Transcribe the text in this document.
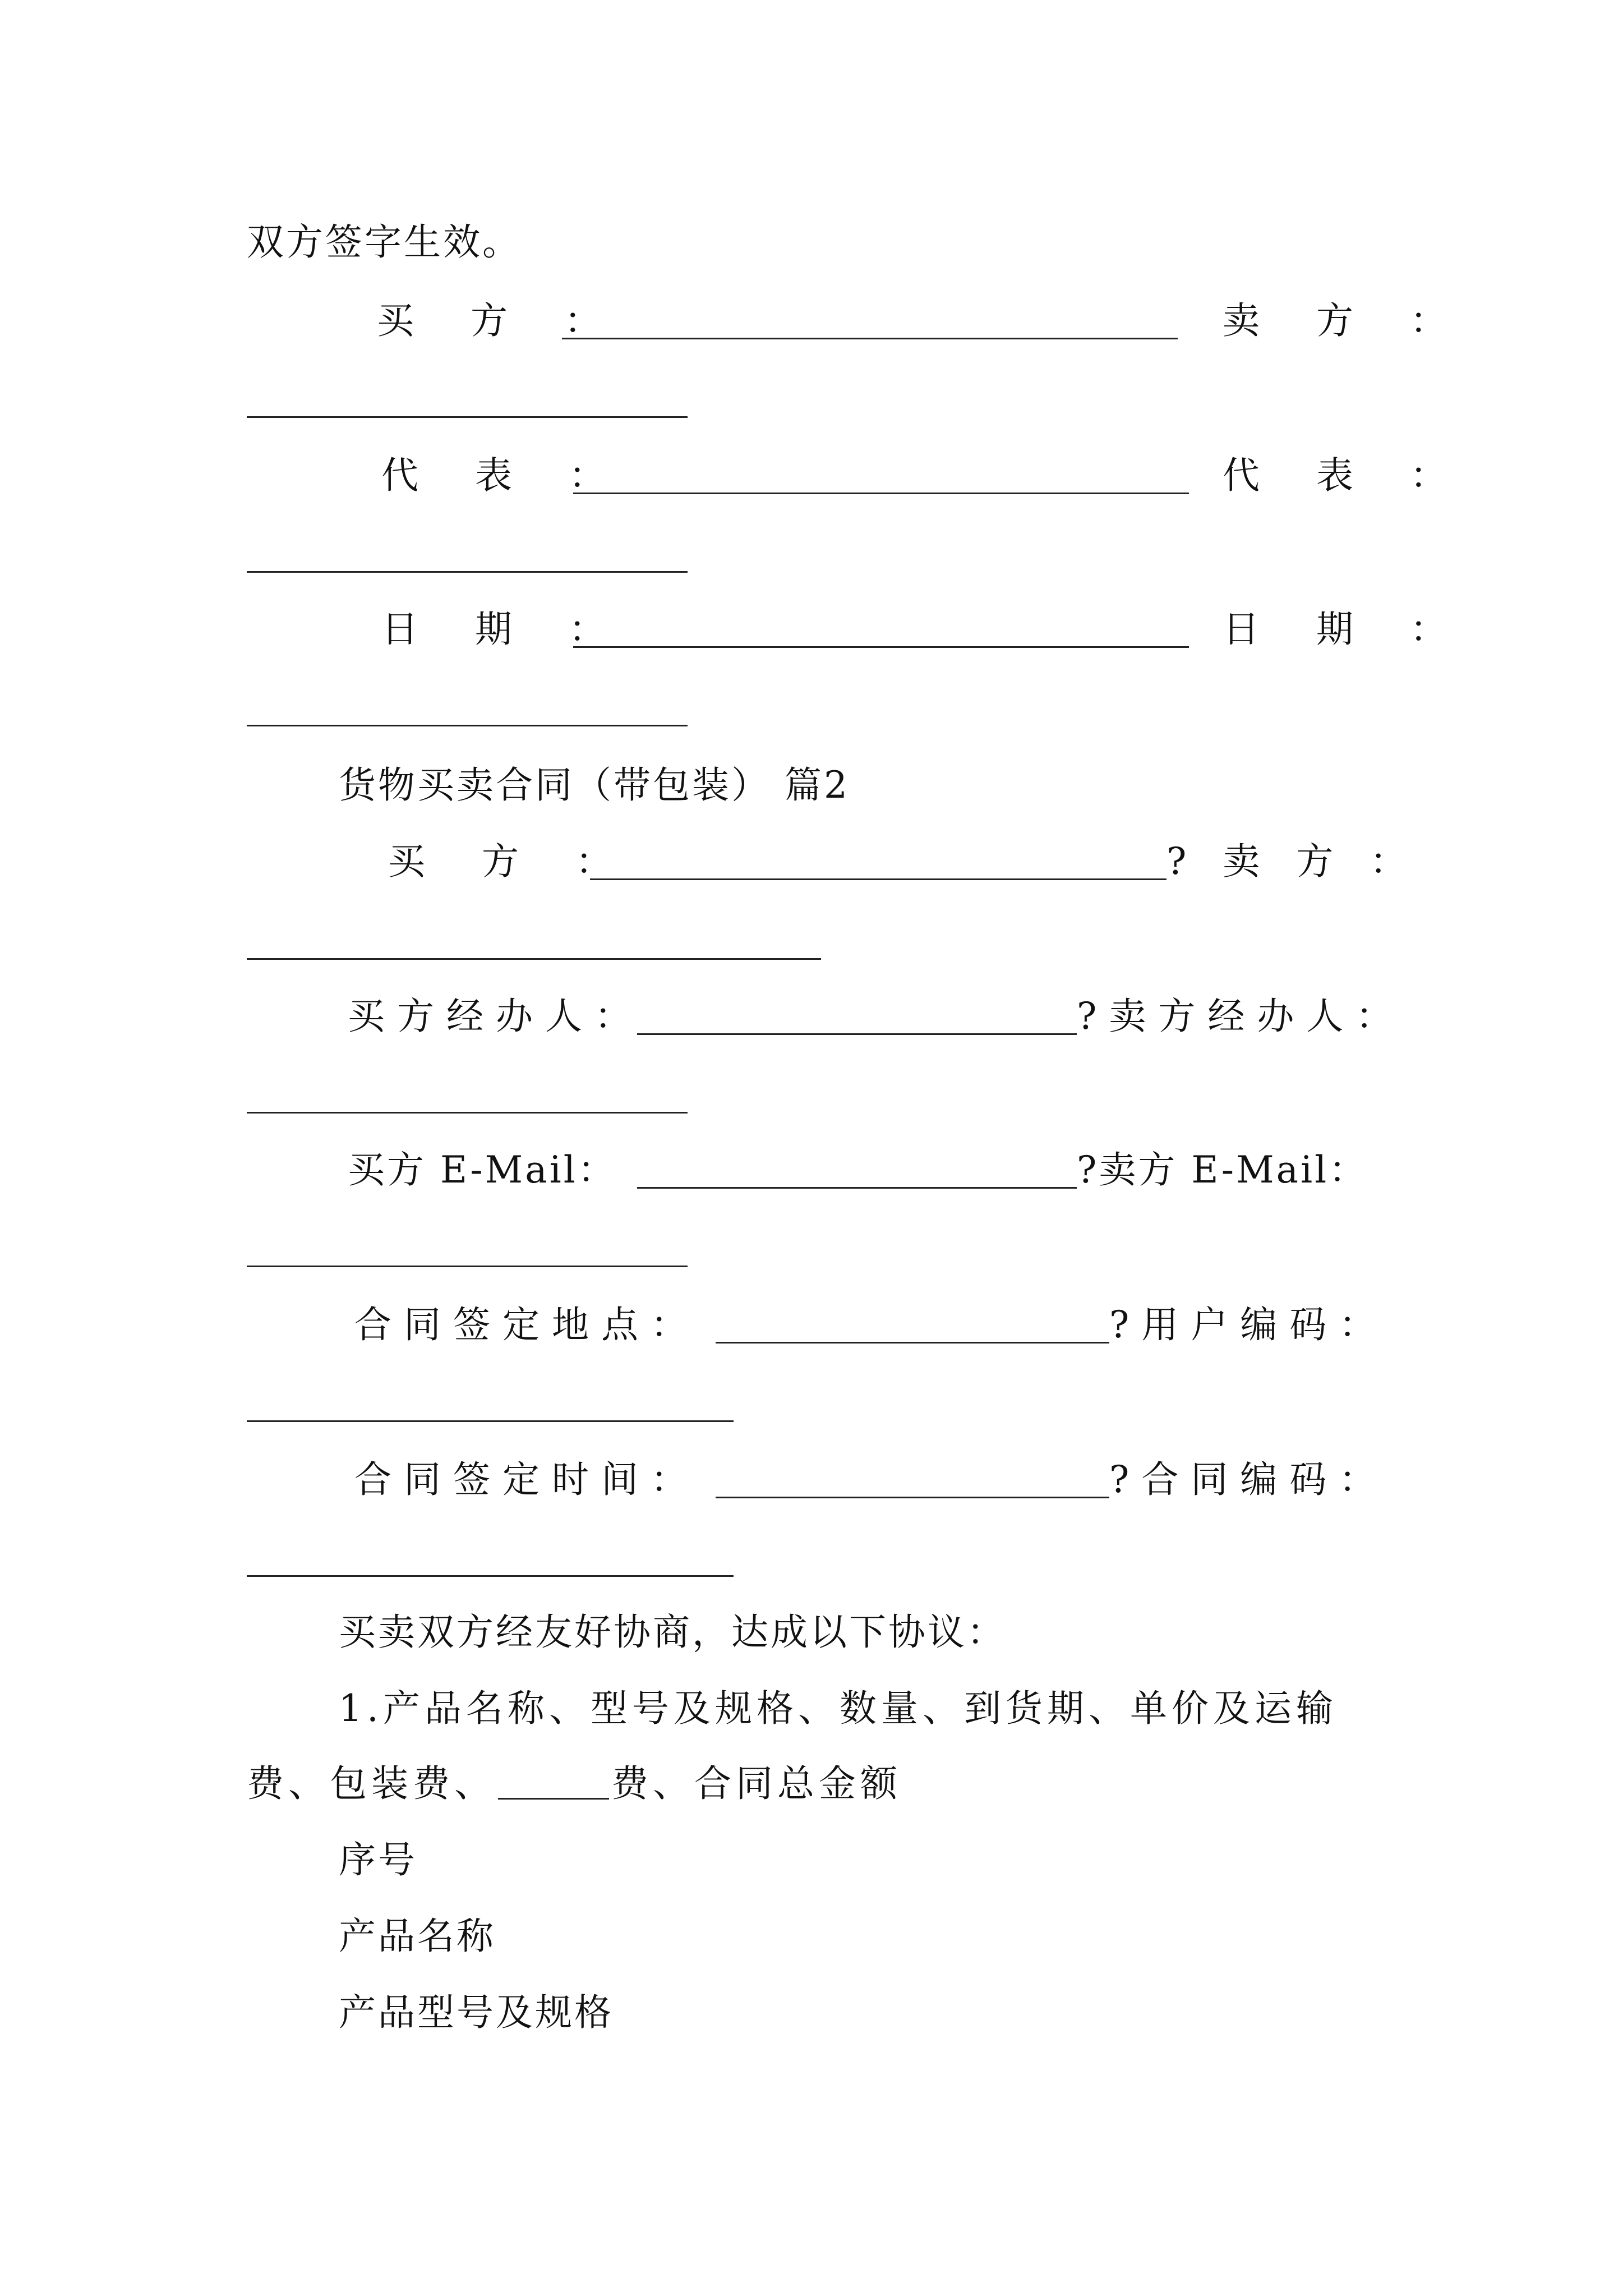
双方签字生效。
买 方 ：	卖 方 ：
代 表 ：	代 表 ：
日 期 ：	日 期 ：
货物买卖合同（带包装） 篇2
买 方 ：	? 卖 方 ：
买方经办人：	?卖方经办人：
买方 E-Mail：	?卖方 E-Mail：
合同签定地点：	?用户编码：
合同签定时间：	?合同编码：
买卖双方经友好协商，达成以下协议：
1.产品名称、型号及规格、数量、到货期、单价及运输
费、包装费、	费、合同总金额
序号
产品名称
产品型号及规格
